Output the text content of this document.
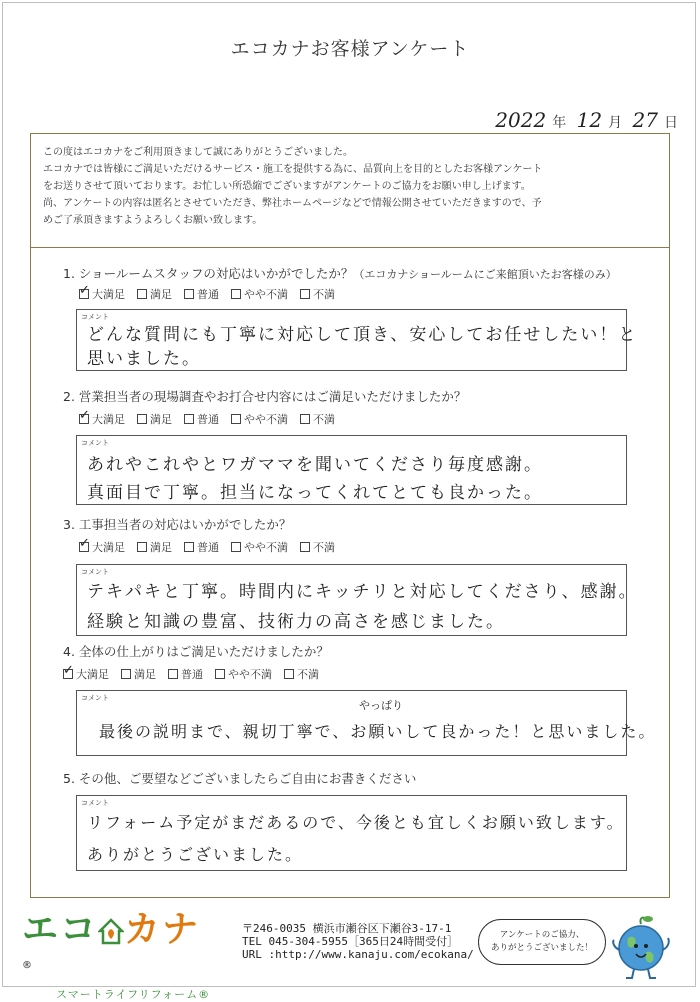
エコカナお客様アンケート
2022 年 12 月 27 日
この度はエコカナをご利用頂きまして誠にありがとうございました。
エコカナでは皆様にご満足いただけるサービス・施工を提供する為に、品質向上を目的としたお客様アンケート
をお送りさせて頂いております。お忙しい所恐縮でございますがアンケートのご協力をお願い申し上げます。
尚、アンケートの内容は匿名とさせていただき、弊社ホームページなどで情報公開させていただきますので、予
めご了承頂きますようよろしくお願い致します。
1. ショールームスタッフの対応はいかがでしたか？（エコカナショールームにご来館頂いたお客様のみ）
✓ 大満足 満足 普通 やや不満 不満
コメント
どんな質問にも丁寧に対応して頂き、安心してお任せしたい！と
思いました。
2. 営業担当者の現場調査やお打合せ内容にはご満足いただけましたか？
✓ 大満足 満足 普通 やや不満 不満
コメント
あれやこれやとワガママを聞いてくださり毎度感謝。
真面目で丁寧。担当になってくれてとても良かった。
3. 工事担当者の対応はいかがでしたか？
✓ 大満足 満足 普通 やや不満 不満
コメント
テキパキと丁寧。時間内にキッチリと対応してくださり、感謝。
経験と知識の豊富、技術力の高さを感じました。
4. 全体の仕上がりはご満足いただけましたか？
✓ 大満足 満足 普通 やや不満 不満
コメント
やっぱり
最後の説明まで、親切丁寧で、お願いして良かった！と思いました。
5. その他、ご要望などございましたらご自由にお書きください
コメント
リフォーム予定がまだあるので、今後とも宜しくお願い致します。
ありがとうございました。
エコ カナ®
スマートライフリフォーム®
〒246-0035 横浜市瀬谷区下瀬谷3-17-1
TEL 045-304-5955［365日24時間受付］
URL :http://www.kanaju.com/ecokana/
アンケートのご協力、
ありがとうございました！
